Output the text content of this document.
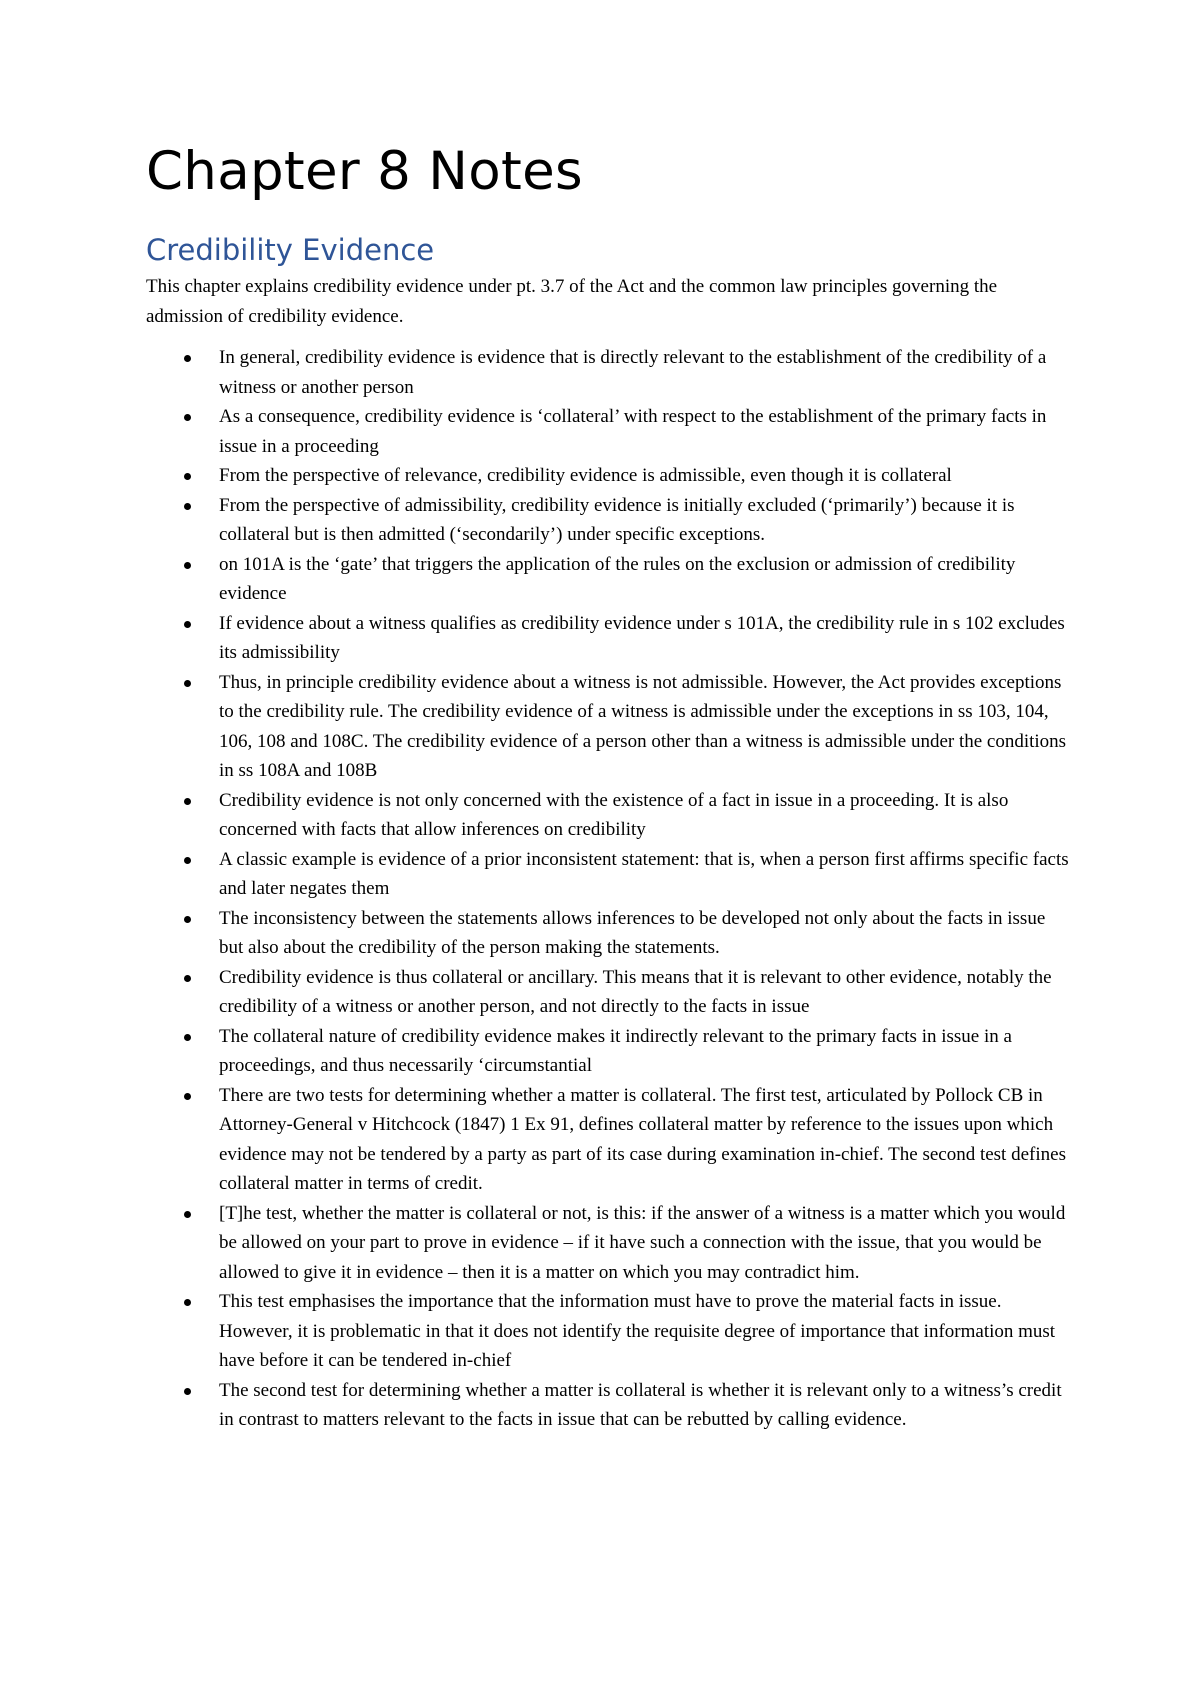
Chapter 8 Notes
Credibility Evidence

This chapter explains credibility evidence under pt. 3.7 of the Act and the common law principles governing the admission of credibility evidence.

In general, credibility evidence is evidence that is directly relevant to the establishment of the credibility of a witness or another person
As a consequence, credibility evidence is ‘collateral’ with respect to the establishment of the primary facts in issue in a proceeding
From the perspective of relevance, credibility evidence is admissible, even though it is collateral
From the perspective of admissibility, credibility evidence is initially excluded (‘primarily’) because it is collateral but is then admitted (‘secondarily’) under specific exceptions.
on 101A is the ‘gate’ that triggers the application of the rules on the exclusion or admission of credibility evidence
If evidence about a witness qualifies as credibility evidence under s 101A, the credibility rule in s 102 excludes its admissibility
Thus, in principle credibility evidence about a witness is not admissible. However, the Act provides exceptions to the credibility rule. The credibility evidence of a witness is admissible under the exceptions in ss 103, 104, 106, 108 and 108C. The credibility evidence of a person other than a witness is admissible under the conditions in ss 108A and 108B
Credibility evidence is not only concerned with the existence of a fact in issue in a proceeding. It is also concerned with facts that allow inferences on credibility
A classic example is evidence of a prior inconsistent statement: that is, when a person first affirms specific facts and later negates them
The inconsistency between the statements allows inferences to be developed not only about the facts in issue but also about the credibility of the person making the statements.
Credibility evidence is thus collateral or ancillary. This means that it is relevant to other evidence, notably the credibility of a witness or another person, and not directly to the facts in issue
The collateral nature of credibility evidence makes it indirectly relevant to the primary facts in issue in a proceedings, and thus necessarily ‘circumstantial
There are two tests for determining whether a matter is collateral. The first test, articulated by Pollock CB in Attorney-General v Hitchcock (1847) 1 Ex 91, defines collateral matter by reference to the issues upon which evidence may not be tendered by a party as part of its case during examination in-chief. The second test defines collateral matter in terms of credit.
[T]he test, whether the matter is collateral or not, is this: if the answer of a witness is a matter which you would be allowed on your part to prove in evidence – if it have such a connection with the issue, that you would be allowed to give it in evidence – then it is a matter on which you may contradict him.
This test emphasises the importance that the information must have to prove the material facts in issue. However, it is problematic in that it does not identify the requisite degree of importance that information must have before it can be tendered in-chief
The second test for determining whether a matter is collateral is whether it is relevant only to a witness’s credit in contrast to matters relevant to the facts in issue that can be rebutted by calling evidence.
